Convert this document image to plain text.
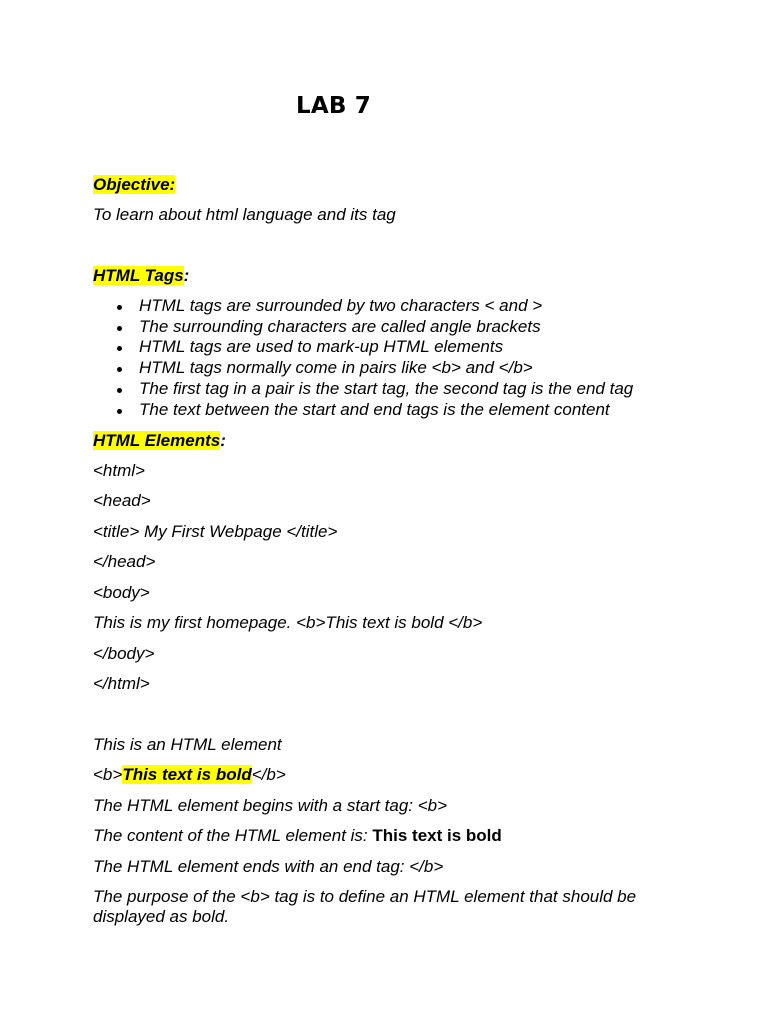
LAB 7
Objective:
To learn about html language and its tag
HTML Tags:
HTML tags are surrounded by two characters < and >
The surrounding characters are called angle brackets
HTML tags are used to mark-up HTML elements
HTML tags normally come in pairs like <b> and </b>
The first tag in a pair is the start tag, the second tag is the end tag
The text between the start and end tags is the element content
HTML Elements:
<html>
<head>
<title> My First Webpage </title>
</head>
<body>
This is my first homepage. <b>This text is bold </b>
</body>
</html>
This is an HTML element
<b>This text is bold</b>
The HTML element begins with a start tag: <b>
The content of the HTML element is: This text is bold
The HTML element ends with an end tag: </b>
The purpose of the <b> tag is to define an HTML element that should be displayed as bold.
